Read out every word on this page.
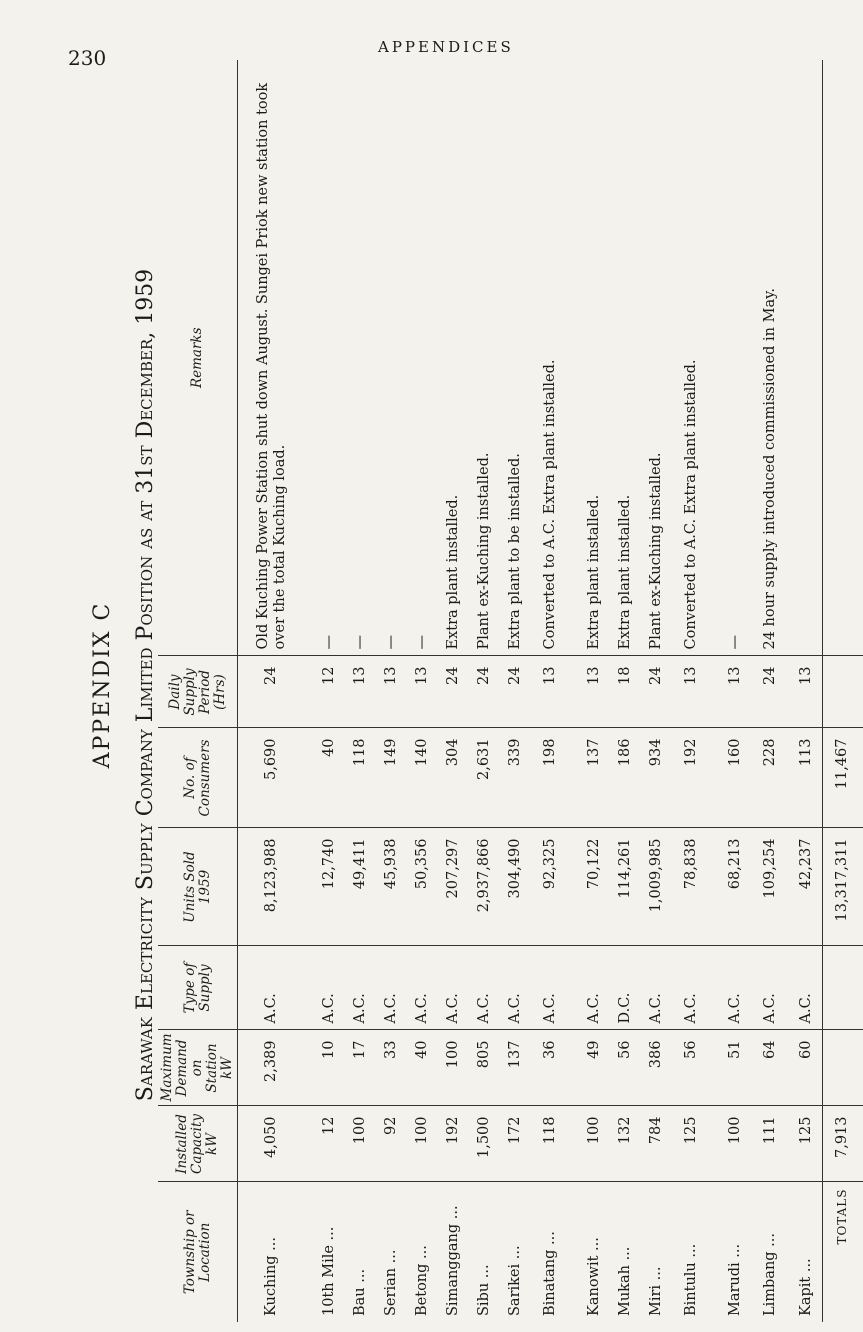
230	APPENDICES
APPENDIX C Sarawak Electricity Supply Company Limited Position as at 31st December, 1959
Township or Location	Installed Capacity kW	Maximum Demand on Station kW	Type of Supply	Units Sold 1959	No. of Consumers	Daily Supply Period (Hrs)	Remarks
Kuching ...	4,050	2,389	A.C.	8,123,988	5,690	24	Old Kuching Power Station shut down August. Sungei Priok new station took over the total Kuching load.

10th Mile ...	12	10	A.C.	12,740	40	12	—
Bau ...	100	17	A.C.	49,411	118	13	—
Serian ...	92	33	A.C.	45,938	149	13	—
Betong ...	100	40	A.C.	50,356	140	13	—
Simanggang ...	192	100	A.C.	207,297	304	24	Extra plant installed.
Sibu ...	1,500	805	A.C.	2,937,866	2,631	24	Plant ex-Kuching installed.
Sarikei ...	172	137	A.C.	304,490	339	24	Extra plant to be installed.
Binatang ...	118	36	A.C.	92,325	198	13	Converted to A.C. Extra plant installed.

Kanowit ...	100	49	A.C.	70,122	137	13	Extra plant installed.
Mukah ...	132	56	D.C.	114,261	186	18	Extra plant installed.
Miri ...	784	386	A.C.	1,009,985	934	24	Plant ex-Kuching installed.
Bintulu ...	125	56	A.C.	78,838	192	13	Converted to A.C. Extra plant installed.

Marudi ...	100	51	A.C.	68,213	160	13	—
Limbang ...	111	64	A.C.	109,254	228	24	24 hour supply introduced commissioned in May.
Kapit ...	125	60	A.C.	42,237	113	13	
TOTALS	7,913			13,317,311	11,467		
